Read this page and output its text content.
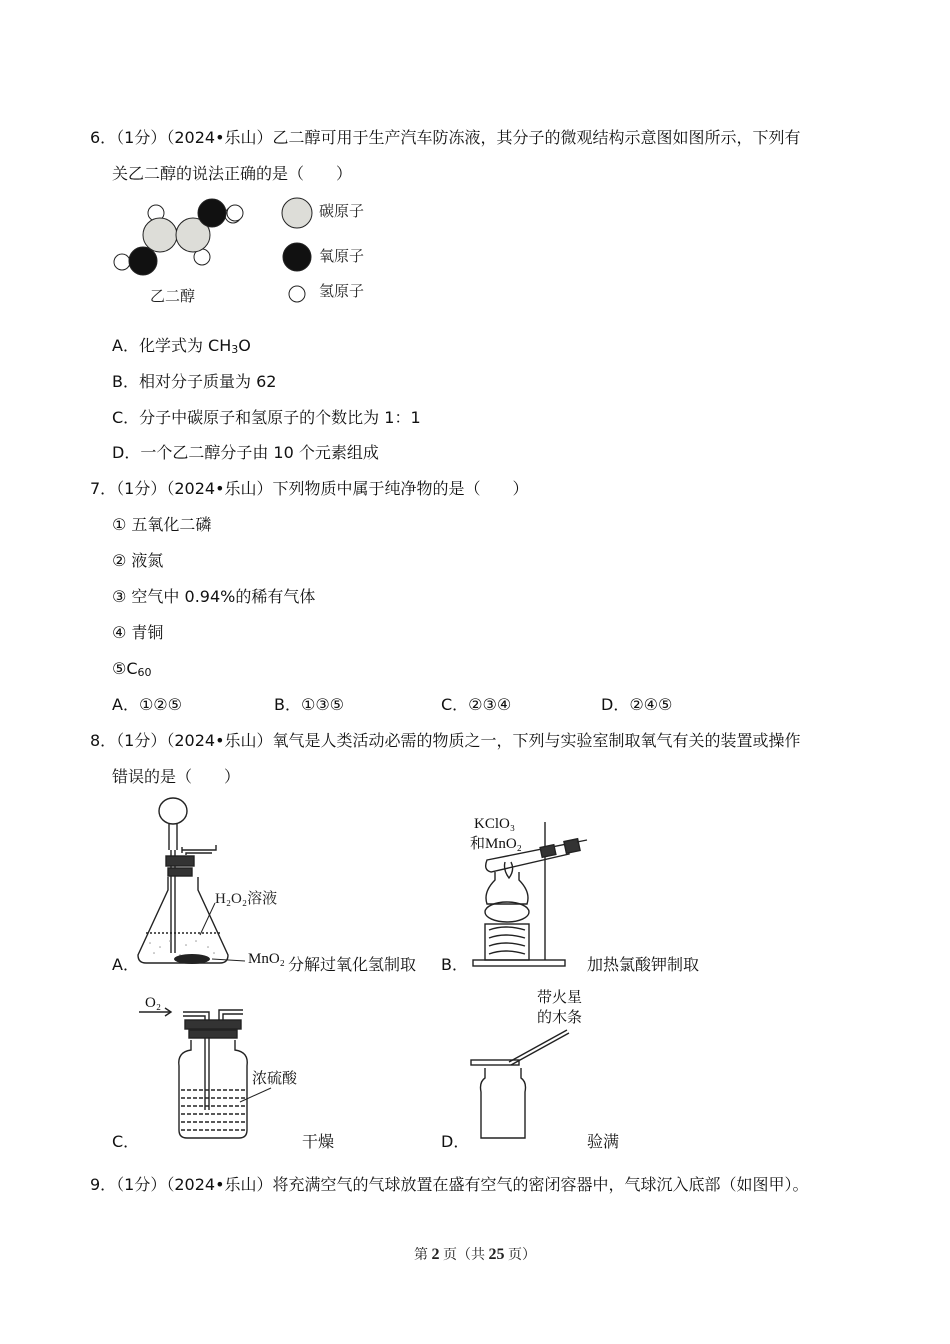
6．（1分）（2024•乐山）乙二醇可用于生产汽车防冻液，其分子的微观结构示意图如图所示，下列有
关乙二醇的说法正确的是（　　）
乙二醇
碳原子
氧原子
氢原子
A．化学式为 $CH_3O$
B．相对分子质量为 62
C．分子中碳原子和氢原子的个数比为 1：1
D．一个乙二醇分子由 10 个元素组成
7．（1分）（2024•乐山）下列物质中属于纯净物的是（　　）
① 五氧化二磷
② 液氮
③ 空气中 0.94%的稀有气体
④ 青铜
$⑤C_{60}$
A．①②⑤	B．①③⑤	C．②③④	D．②④⑤
8．（1分）（2024•乐山）氧气是人类活动必需的物质之一，下列与实验室制取氧气有关的装置或操作
错误的是（　　）
H₂O₂溶液
A．	MnO₂ 分解过氧化氢制取
KClO₃
和MnO₂
B．	加热氯酸钾制取
O₂
浓硫酸
C．	干燥
带火星
的木条
D．	验满
9．（1分）（2024•乐山）将充满空气的气球放置在盛有空气的密闭容器中，气球沉入底部（如图甲）。
第 2 页（共 25 页）
